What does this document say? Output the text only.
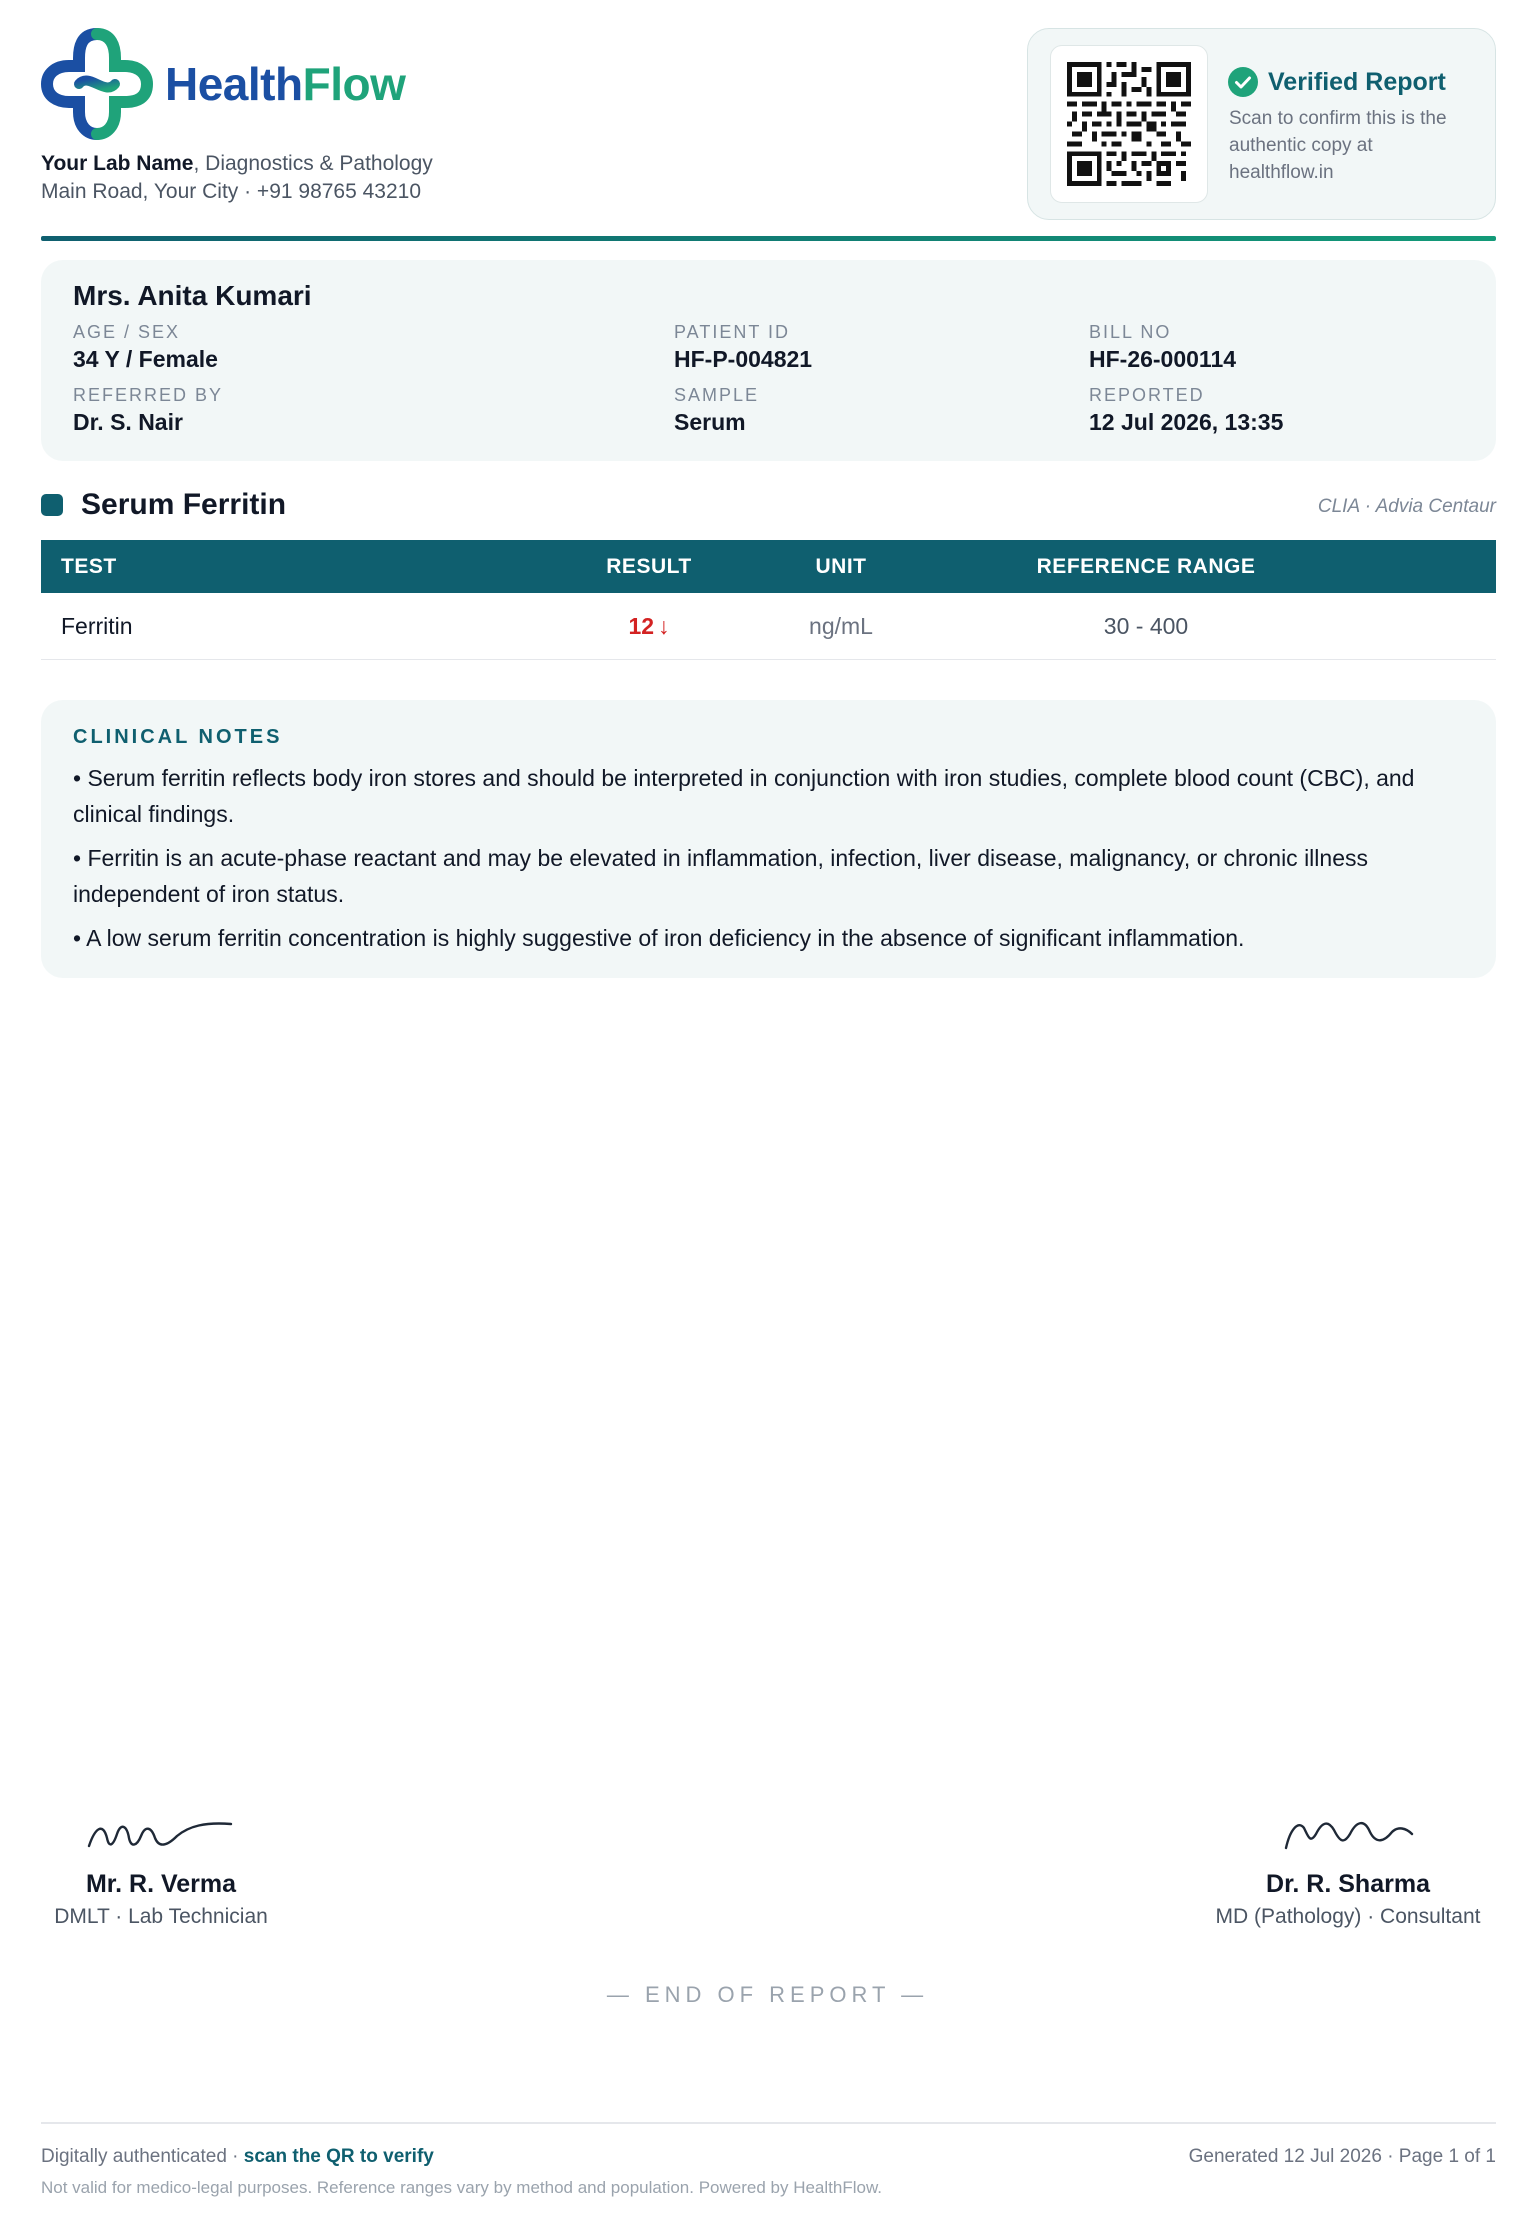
HealthFlow
Your Lab Name, Diagnostics & Pathology
Main Road, Your City · +91 98765 43210
Verified Report
Scan to confirm this is the authentic copy at healthflow.in
Mrs. Anita Kumari
AGE / SEX
34 Y / Female
PATIENT ID
HF-P-004821
BILL NO
HF-26-000114
REFERRED BY
Dr. S. Nair
SAMPLE
Serum
REPORTED
12 Jul 2026, 13:35
Serum Ferritin	CLIA · Advia Centaur
TEST	RESULT	UNIT	REFERENCE RANGE
Ferritin	12 ↓	ng/mL	30 - 400
CLINICAL NOTES
• Serum ferritin reflects body iron stores and should be interpreted in conjunction with iron studies, complete blood count (CBC), and clinical findings.
• Ferritin is an acute-phase reactant and may be elevated in inflammation, infection, liver disease, malignancy, or chronic illness independent of iron status.
• A low serum ferritin concentration is highly suggestive of iron deficiency in the absence of significant inflammation.
Mr. R. Verma
DMLT · Lab Technician
Dr. R. Sharma
MD (Pathology) · Consultant
— END OF REPORT —
Digitally authenticated · scan the QR to verify	Generated 12 Jul 2026 · Page 1 of 1
Not valid for medico-legal purposes. Reference ranges vary by method and population. Powered by HealthFlow.
